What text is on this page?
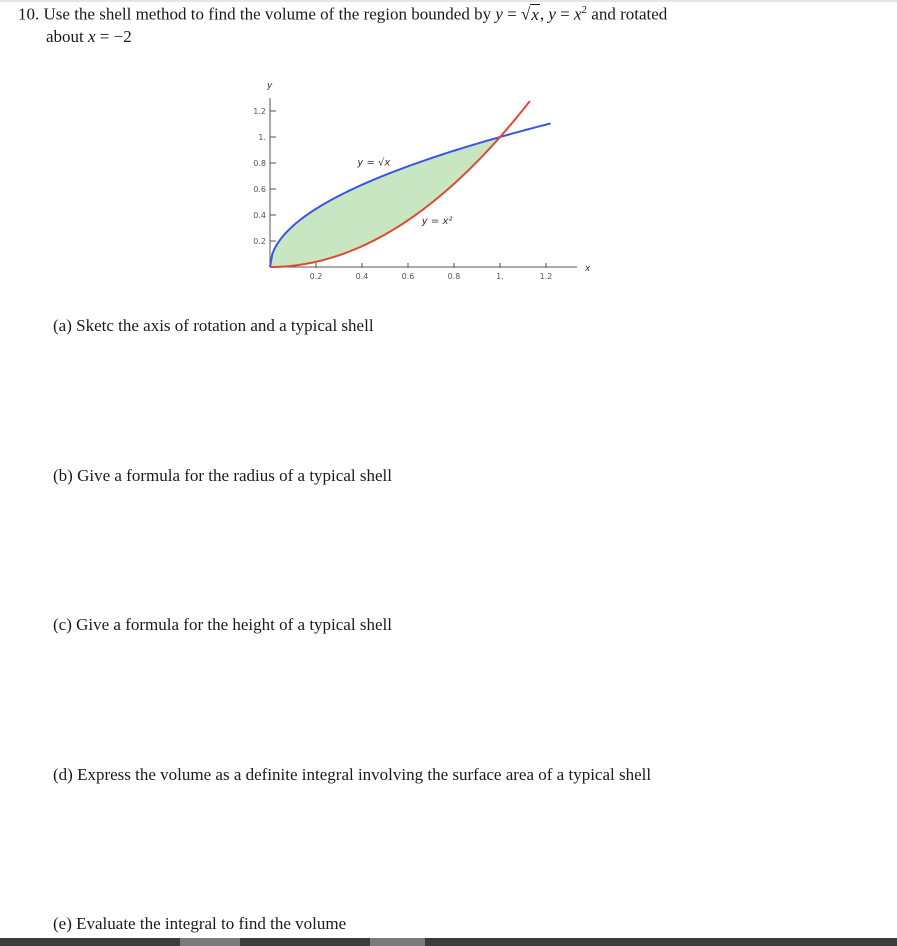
10. Use the shell method to find the volume of the region bounded by y = √x, $y = x^2$ and rotated
about x = −2
0.2	0.4	0.6	0.8	1.	1.2
0.2
0.4
0.6
0.8
1.
1.2
x
y
y = √x
y = x²
(a) Sketc the axis of rotation and a typical shell
(b) Give a formula for the radius of a typical shell
(c) Give a formula for the height of a typical shell
(d) Express the volume as a definite integral involving the surface area of a typical shell
(e) Evaluate the integral to find the volume
